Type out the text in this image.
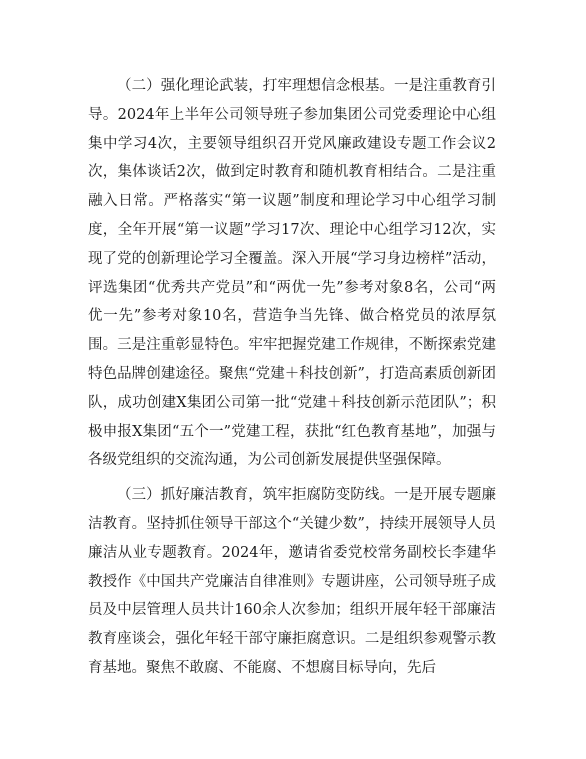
（二）强化理论武装，打牢理想信念根基。一是注重教育引导。2024年上半年公司领导班子参加集团公司党委理论中心组集中学习4次，主要领导组织召开党风廉政建设专题工作会议2次，集体谈话2次，做到定时教育和随机教育相结合。二是注重融入日常。严格落实“第一议题”制度和理论学习中心组学习制度，全年开展“第一议题”学习17次、理论中心组学习12次，实现了党的创新理论学习全覆盖。深入开展“学习身边榜样”活动，评选集团“优秀共产党员”和“两优一先”参考对象8名，公司“两优一先”参考对象10名，营造争当先锋、做合格党员的浓厚氛围。三是注重彰显特色。牢牢把握党建工作规律，不断探索党建特色品牌创建途径。聚焦“党建＋科技创新”，打造高素质创新团队，成功创建X集团公司第一批“党建＋科技创新示范团队”；积极申报X集团“五个一”党建工程，获批“红色教育基地”，加强与各级党组织的交流沟通，为公司创新发展提供坚强保障。

（三）抓好廉洁教育，筑牢拒腐防变防线。一是开展专题廉洁教育。坚持抓住领导干部这个“关键少数”，持续开展领导人员廉洁从业专题教育。2024年，邀请省委党校常务副校长李建华教授作《中国共产党廉洁自律准则》专题讲座，公司领导班子成员及中层管理人员共计160余人次参加；组织开展年轻干部廉洁教育座谈会，强化年轻干部守廉拒腐意识。二是组织参观警示教育基地。聚焦不敢腐、不能腐、不想腐目标导向，先后
